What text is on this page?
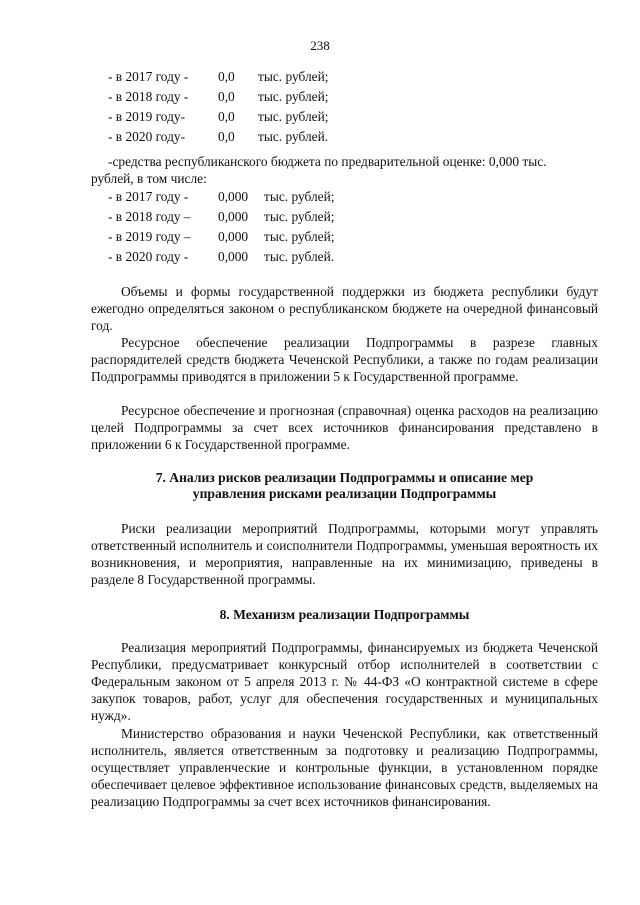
238
- в 2017 году - 0,0 тыс. рублей;
- в 2018 году - 0,0 тыс. рублей;
- в 2019 году- 0,0 тыс. рублей;
- в 2020 году- 0,0 тыс. рублей.
-средства республиканского бюджета по предварительной оценке: 0,000 тыс.
рублей, в том числе:
- в 2017 году - 0,000 тыс. рублей;
- в 2018 году – 0,000 тыс. рублей;
- в 2019 году – 0,000 тыс. рублей;
- в 2020 году - 0,000 тыс. рублей.
Объемы и формы государственной поддержки из бюджета республики будут ежегодно определяться законом о республиканском бюджете на очередной финансовый год.
Ресурсное обеспечение реализации Подпрограммы в разрезе главных распорядителей средств бюджета Чеченской Республики, а также по годам реализации Подпрограммы приводятся в приложении 5 к Государственной программе.
Ресурсное обеспечение и прогнозная (справочная) оценка расходов на реализацию целей Подпрограммы за счет всех источников финансирования представлено в приложении 6 к Государственной программе.
7. Анализ рисков реализации Подпрограммы и описание мер
управления рисками реализации Подпрограммы
Риски реализации мероприятий Подпрограммы, которыми могут управлять ответственный исполнитель и соисполнители Подпрограммы, уменьшая вероятность их возникновения, и мероприятия, направленные на их минимизацию, приведены в разделе 8 Государственной программы.
8. Механизм реализации Подпрограммы
Реализация мероприятий Подпрограммы, финансируемых из бюджета Чеченской Республики, предусматривает конкурсный отбор исполнителей в соответствии с Федеральным законом от 5 апреля 2013 г. № 44-ФЗ «О контрактной системе в сфере закупок товаров, работ, услуг для обеспечения государственных и муниципальных нужд».
Министерство образования и науки Чеченской Республики, как ответственный исполнитель, является ответственным за подготовку и реализацию Подпрограммы, осуществляет управленческие и контрольные функции, в установленном порядке обеспечивает целевое эффективное использование финансовых средств, выделяемых на реализацию Подпрограммы за счет всех источников финансирования.
